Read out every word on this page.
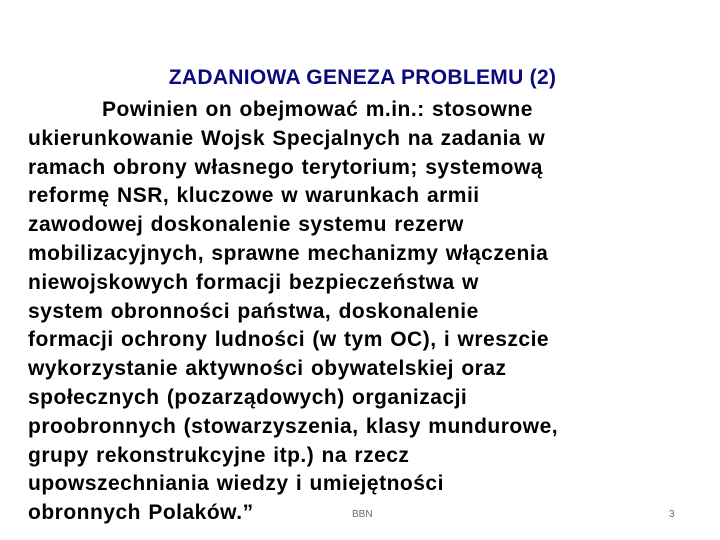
ZADANIOWA GENEZA PROBLEMU (2)
Powinien on obejmować m.in.: stosowne
ukierunkowanie Wojsk Specjalnych na zadania w
ramach obrony własnego terytorium; systemową
reformę NSR, kluczowe w warunkach armii
zawodowej doskonalenie systemu rezerw
mobilizacyjnych, sprawne mechanizmy włączenia
niewojskowych formacji bezpieczeństwa w
system obronności państwa, doskonalenie
formacji ochrony ludności (w tym OC), i wreszcie
wykorzystanie aktywności obywatelskiej oraz
społecznych (pozarządowych) organizacji
proobronnych (stowarzyszenia, klasy mundurowe,
grupy rekonstrukcyjne itp.) na rzecz
upowszechniania wiedzy i umiejętności
obronnych Polaków.”	BBN	3
